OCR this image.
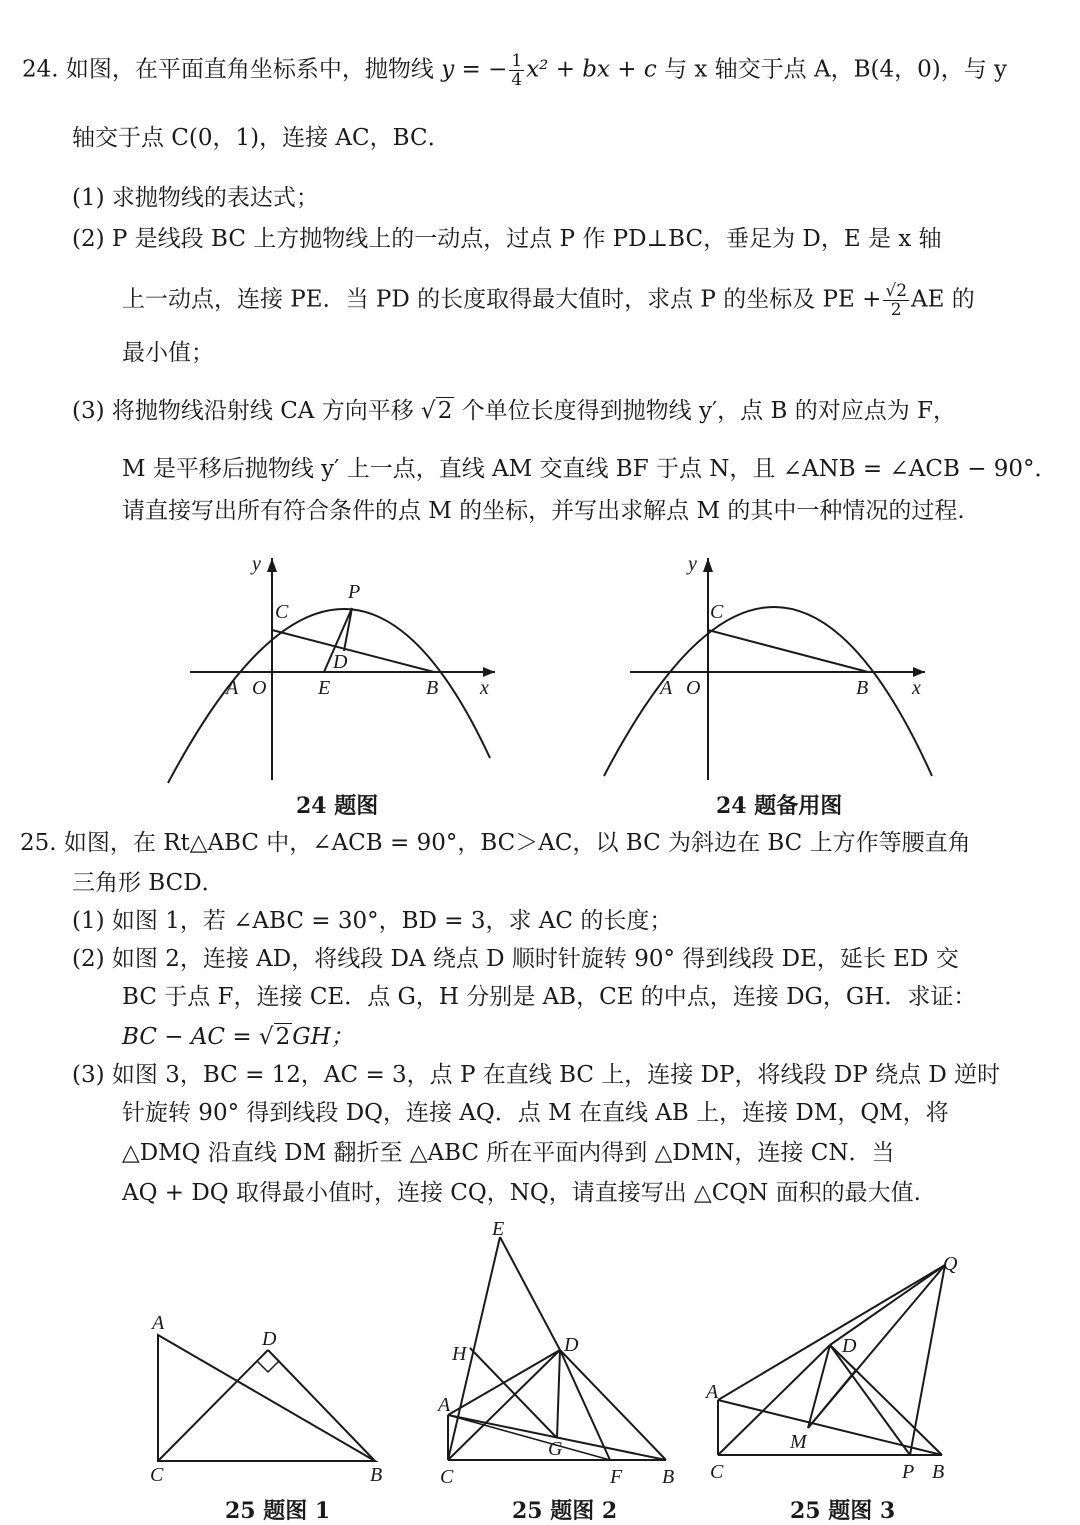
24. 如图，在平面直角坐标系中，抛物线 y = − $\frac{1}{4} x^2$ + bx + c 与 x 轴交于点 A，B(4，0)，与 y
轴交于点 C(0，1)，连接 AC，BC．
(1) 求抛物线的表达式；
(2) P 是线段 BC 上方抛物线上的一动点，过点 P 作 PD⊥BC，垂足为 D，E 是 x 轴
上一动点，连接 PE．当 PD 的长度取得最大值时，求点 P 的坐标及 PE + $\frac{√2}{2}$ AE 的
最小值；
(3) 将抛物线沿射线 CA 方向平移 √2 个单位长度得到抛物线 y′，点 B 的对应点为 F，
M 是平移后抛物线 y′ 上一点，直线 AM 交直线 BF 于点 N，且 ∠ANB = ∠ACB − 90°．
请直接写出所有符合条件的点 M 的坐标，并写出求解点 M 的其中一种情况的过程.
y
x
A O	B
C
P
D
E
24 题图
y
x
A O	B
C
24 题备用图
25. 如图，在 Rt△ABC 中，∠ACB = 90°，BC＞AC，以 BC 为斜边在 BC 上方作等腰直角
三角形 BCD．
(1) 如图 1，若 ∠ABC = 30°，BD = 3，求 AC 的长度；
(2) 如图 2，连接 AD，将线段 DA 绕点 D 顺时针旋转 90° 得到线段 DE，延长 ED 交
BC 于点 F，连接 CE．点 G，H 分别是 AB，CE 的中点，连接 DG，GH．求证：
BC − AC = √2GH；
(3) 如图 3，BC = 12，AC = 3，点 P 在直线 BC 上，连接 DP，将线段 DP 绕点 D 逆时
针旋转 90° 得到线段 DQ，连接 AQ．点 M 在直线 AB 上，连接 DM，QM，将
△DMQ 沿直线 DM 翻折至 △ABC 所在平面内得到 △DMN，连接 CN．当
AQ + DQ 取得最小值时，连接 CQ，NQ，请直接写出 △CQN 面积的最大值.
A
D
C	B
25 题图 1
E
H	D
A
G
C	F B
25 题图 2
Q
D
A
M
C	P B
25 题图 3
